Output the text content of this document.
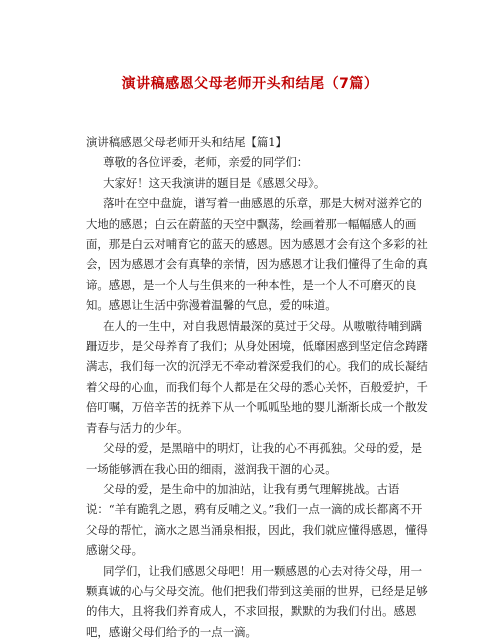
演讲稿感恩父母老师开头和结尾（7篇）

演讲稿感恩父母老师开头和结尾【篇1】

尊敬的各位评委，老师，亲爱的同学们：

大家好！这天我演讲的题目是《感恩父母》。

落叶在空中盘旋，谱写着一曲感恩的乐章，那是大树对滋养它的大地的感恩；白云在蔚蓝的天空中飘荡，绘画着那一幅幅感人的画面，那是白云对哺育它的蓝天的感恩。因为感恩才会有这个多彩的社会，因为感恩才会有真挚的亲情，因为感恩才让我们懂得了生命的真谛。感恩，是一个人与生俱来的一种本性，是一个人不可磨灭的良知。感恩让生活中弥漫着温馨的气息，爱的味道。

在人的一生中，对自我恩情最深的莫过于父母。从嗷嗷待哺到蹒跚迈步，是父母养育了我们；从身处困境，低靡困惑到坚定信念踌躇满志，我们每一次的沉浮无不牵动着深爱我们的心。我们的成长凝结着父母的心血，而我们每个人都是在父母的悉心关怀，百般爱护，千倍叮嘱，万倍辛苦的抚养下从一个呱呱坠地的婴儿渐渐长成一个散发青春与活力的少年。

父母的爱，是黑暗中的明灯，让我的心不再孤独。父母的爱，是一场能够洒在我心田的细雨，滋润我干涸的心灵。

父母的爱，是生命中的加油站，让我有勇气理解挑战。古语说：“羊有跪乳之恩，鸦有反哺之义。”我们一点一滴的成长都离不开父母的帮忙，滴水之恩当涌泉相报，因此，我们就应懂得感恩，懂得感谢父母。

同学们，让我们感恩父母吧！用一颗感恩的心去对待父母，用一颗真诚的心与父母交流。他们把我们带到这美丽的世界，已经是足够的伟大，且将我们养育成人，不求回报，默默的为我们付出。感恩吧，感谢父母们给予的一点一滴。
